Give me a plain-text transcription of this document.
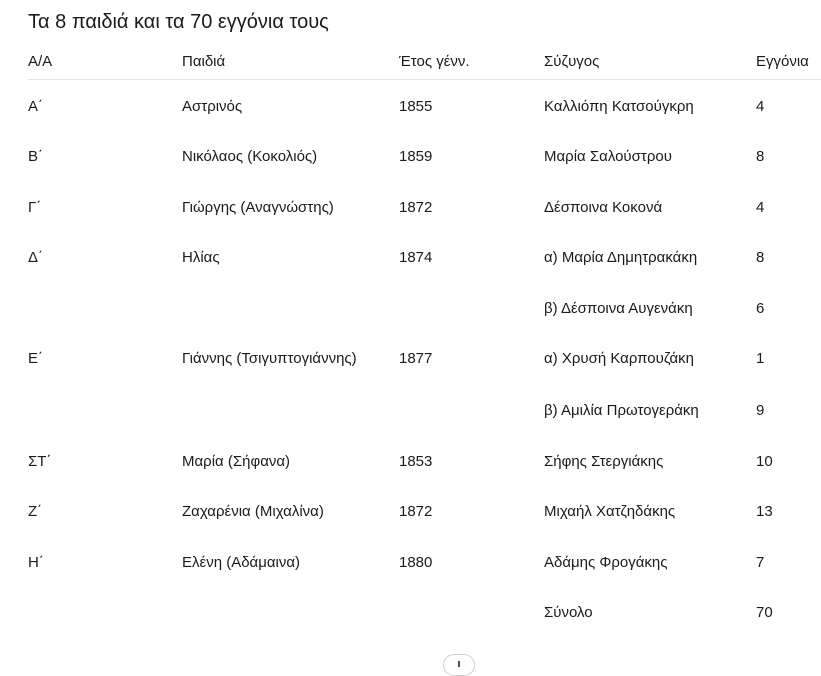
Τα 8 παιδιά και τα 70 εγγόνια τους
Α/Α	Παιδιά	Έτος γένν.	Σύζυγος	Εγγόνια
Α΄	Αστρινός	1855	Καλλιόπη Κατσούγκρη	4
Β΄	Νικόλαος (Κοκολιός)	1859	Μαρία Σαλούστρου	8
Γ΄	Γιώργης (Αναγνώστης)	1872	Δέσποινα Κοκονά	4
Δ΄	Ηλίας	1874	α) Μαρία Δημητρακάκη	8
			β) Δέσποινα Αυγενάκη	6
Ε΄	Γιάννης (Τσιγυπτογιάννης)	1877	α) Χρυσή Καρπουζάκη	1
			β) Αμιλία Πρωτογεράκη	9
ΣΤ΄	Μαρία (Σήφανα)	1853	Σήφης Στεργιάκης	10
Ζ΄	Ζαχαρένια (Μιχαλίνα)	1872	Μιχαήλ Χατζηδάκης	13
Η΄	Ελένη (Αδάμαινα)	1880	Αδάμης Φρογάκης	7
			Σύνολο	70
